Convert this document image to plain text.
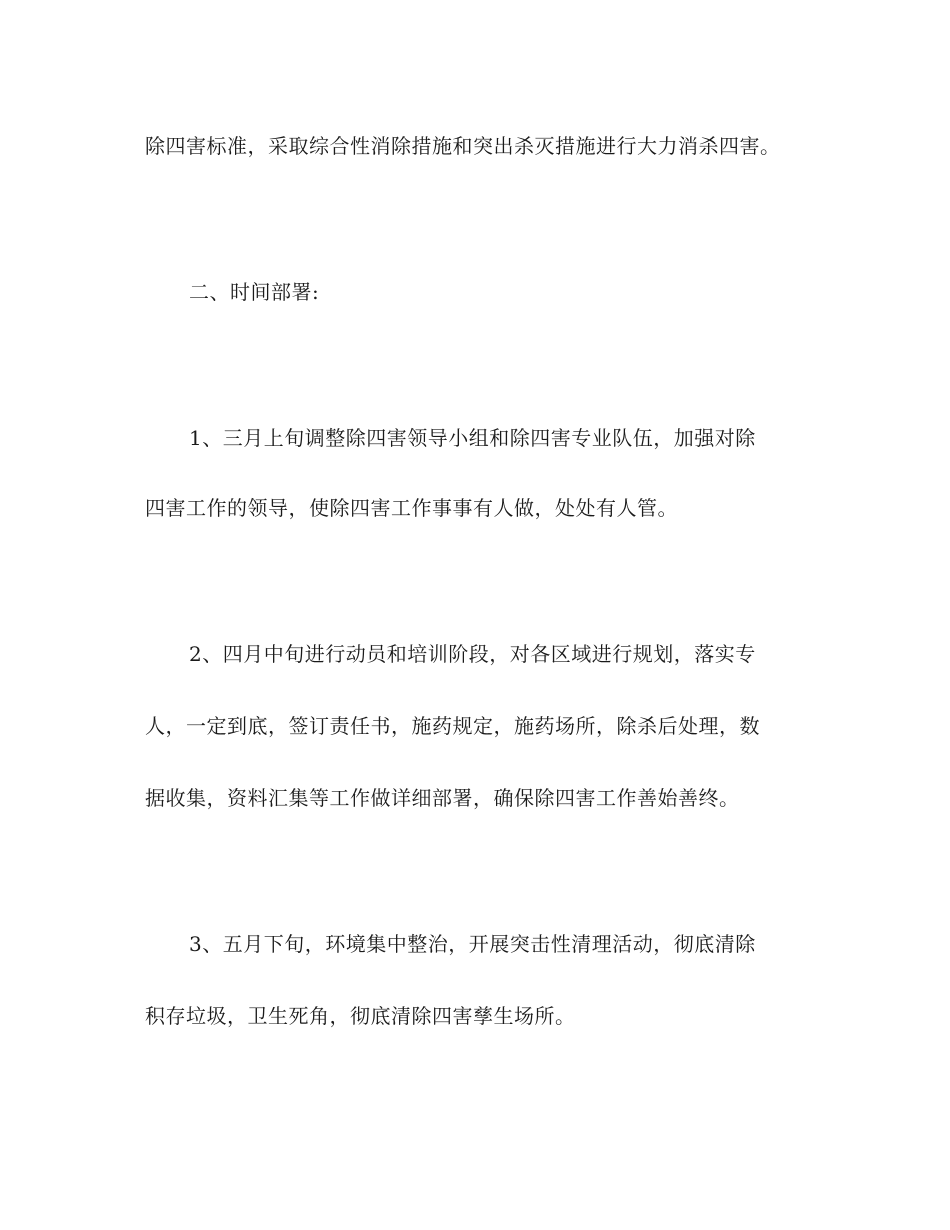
除四害标准，采取综合性消除措施和突出杀灭措施进行大力消杀四害。
二、时间部署:
1、三月上旬调整除四害领导小组和除四害专业队伍，加强对除
四害工作的领导，使除四害工作事事有人做，处处有人管。
2、四月中旬进行动员和培训阶段，对各区域进行规划，落实专
人，一定到底，签订责任书，施药规定，施药场所，除杀后处理，数
据收集，资料汇集等工作做详细部署，确保除四害工作善始善终。
3、五月下旬，环境集中整治，开展突击性清理活动，彻底清除
积存垃圾，卫生死角，彻底清除四害孳生场所。
